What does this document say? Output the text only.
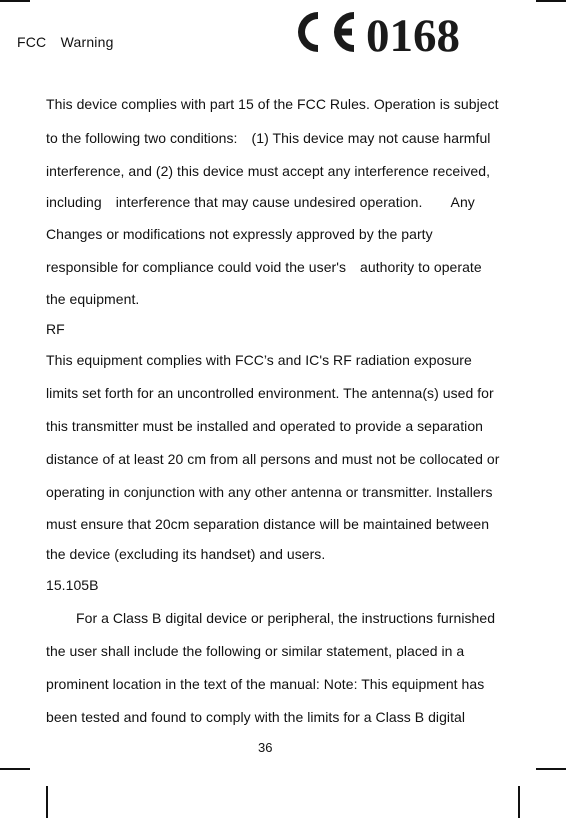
FCC　Warning	0168
This device complies with part 15 of the FCC Rules. Operation is subject
to the following two conditions:　(1) This device may not cause harmful
interference, and (2) this device must accept any interference received,
including　interference that may cause undesired operation.　　Any
Changes or modifications not expressly approved by the party
responsible for compliance could void the user's　authority to operate
the equipment.
RF
This equipment complies with FCC’s and IC's RF radiation exposure
limits set forth for an uncontrolled environment. The antenna(s) used for
this transmitter must be installed and operated to provide a separation
distance of at least 20 cm from all persons and must not be collocated or
operating in conjunction with any other antenna or transmitter. Installers
must ensure that 20cm separation distance will be maintained between
the device (excluding its handset) and users.
15.105B
For a Class B digital device or peripheral, the instructions furnished
the user shall include the following or similar statement, placed in a
prominent location in the text of the manual: Note: This equipment has
been tested and found to comply with the limits for a Class B digital
36
